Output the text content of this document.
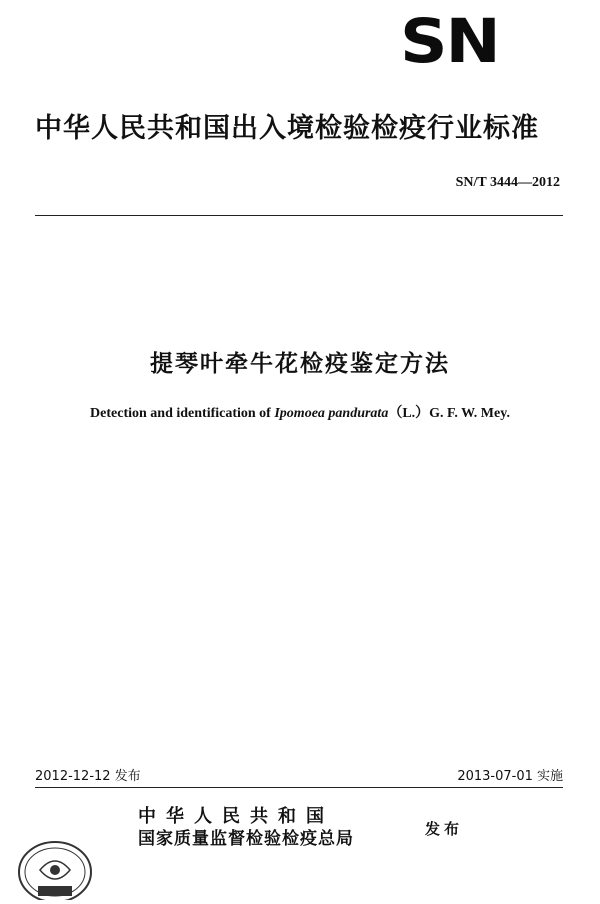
SN
中华人民共和国出入境检验检疫行业标准
SN/T 3444—2012
提琴叶牵牛花检疫鉴定方法
Detection and identification of Ipomoea pandurata（L.）G. F. W. Mey.
2012-12-12 发布	2013-07-01 实施
中华人民共和国
国家质量监督检验检疫总局	发布
